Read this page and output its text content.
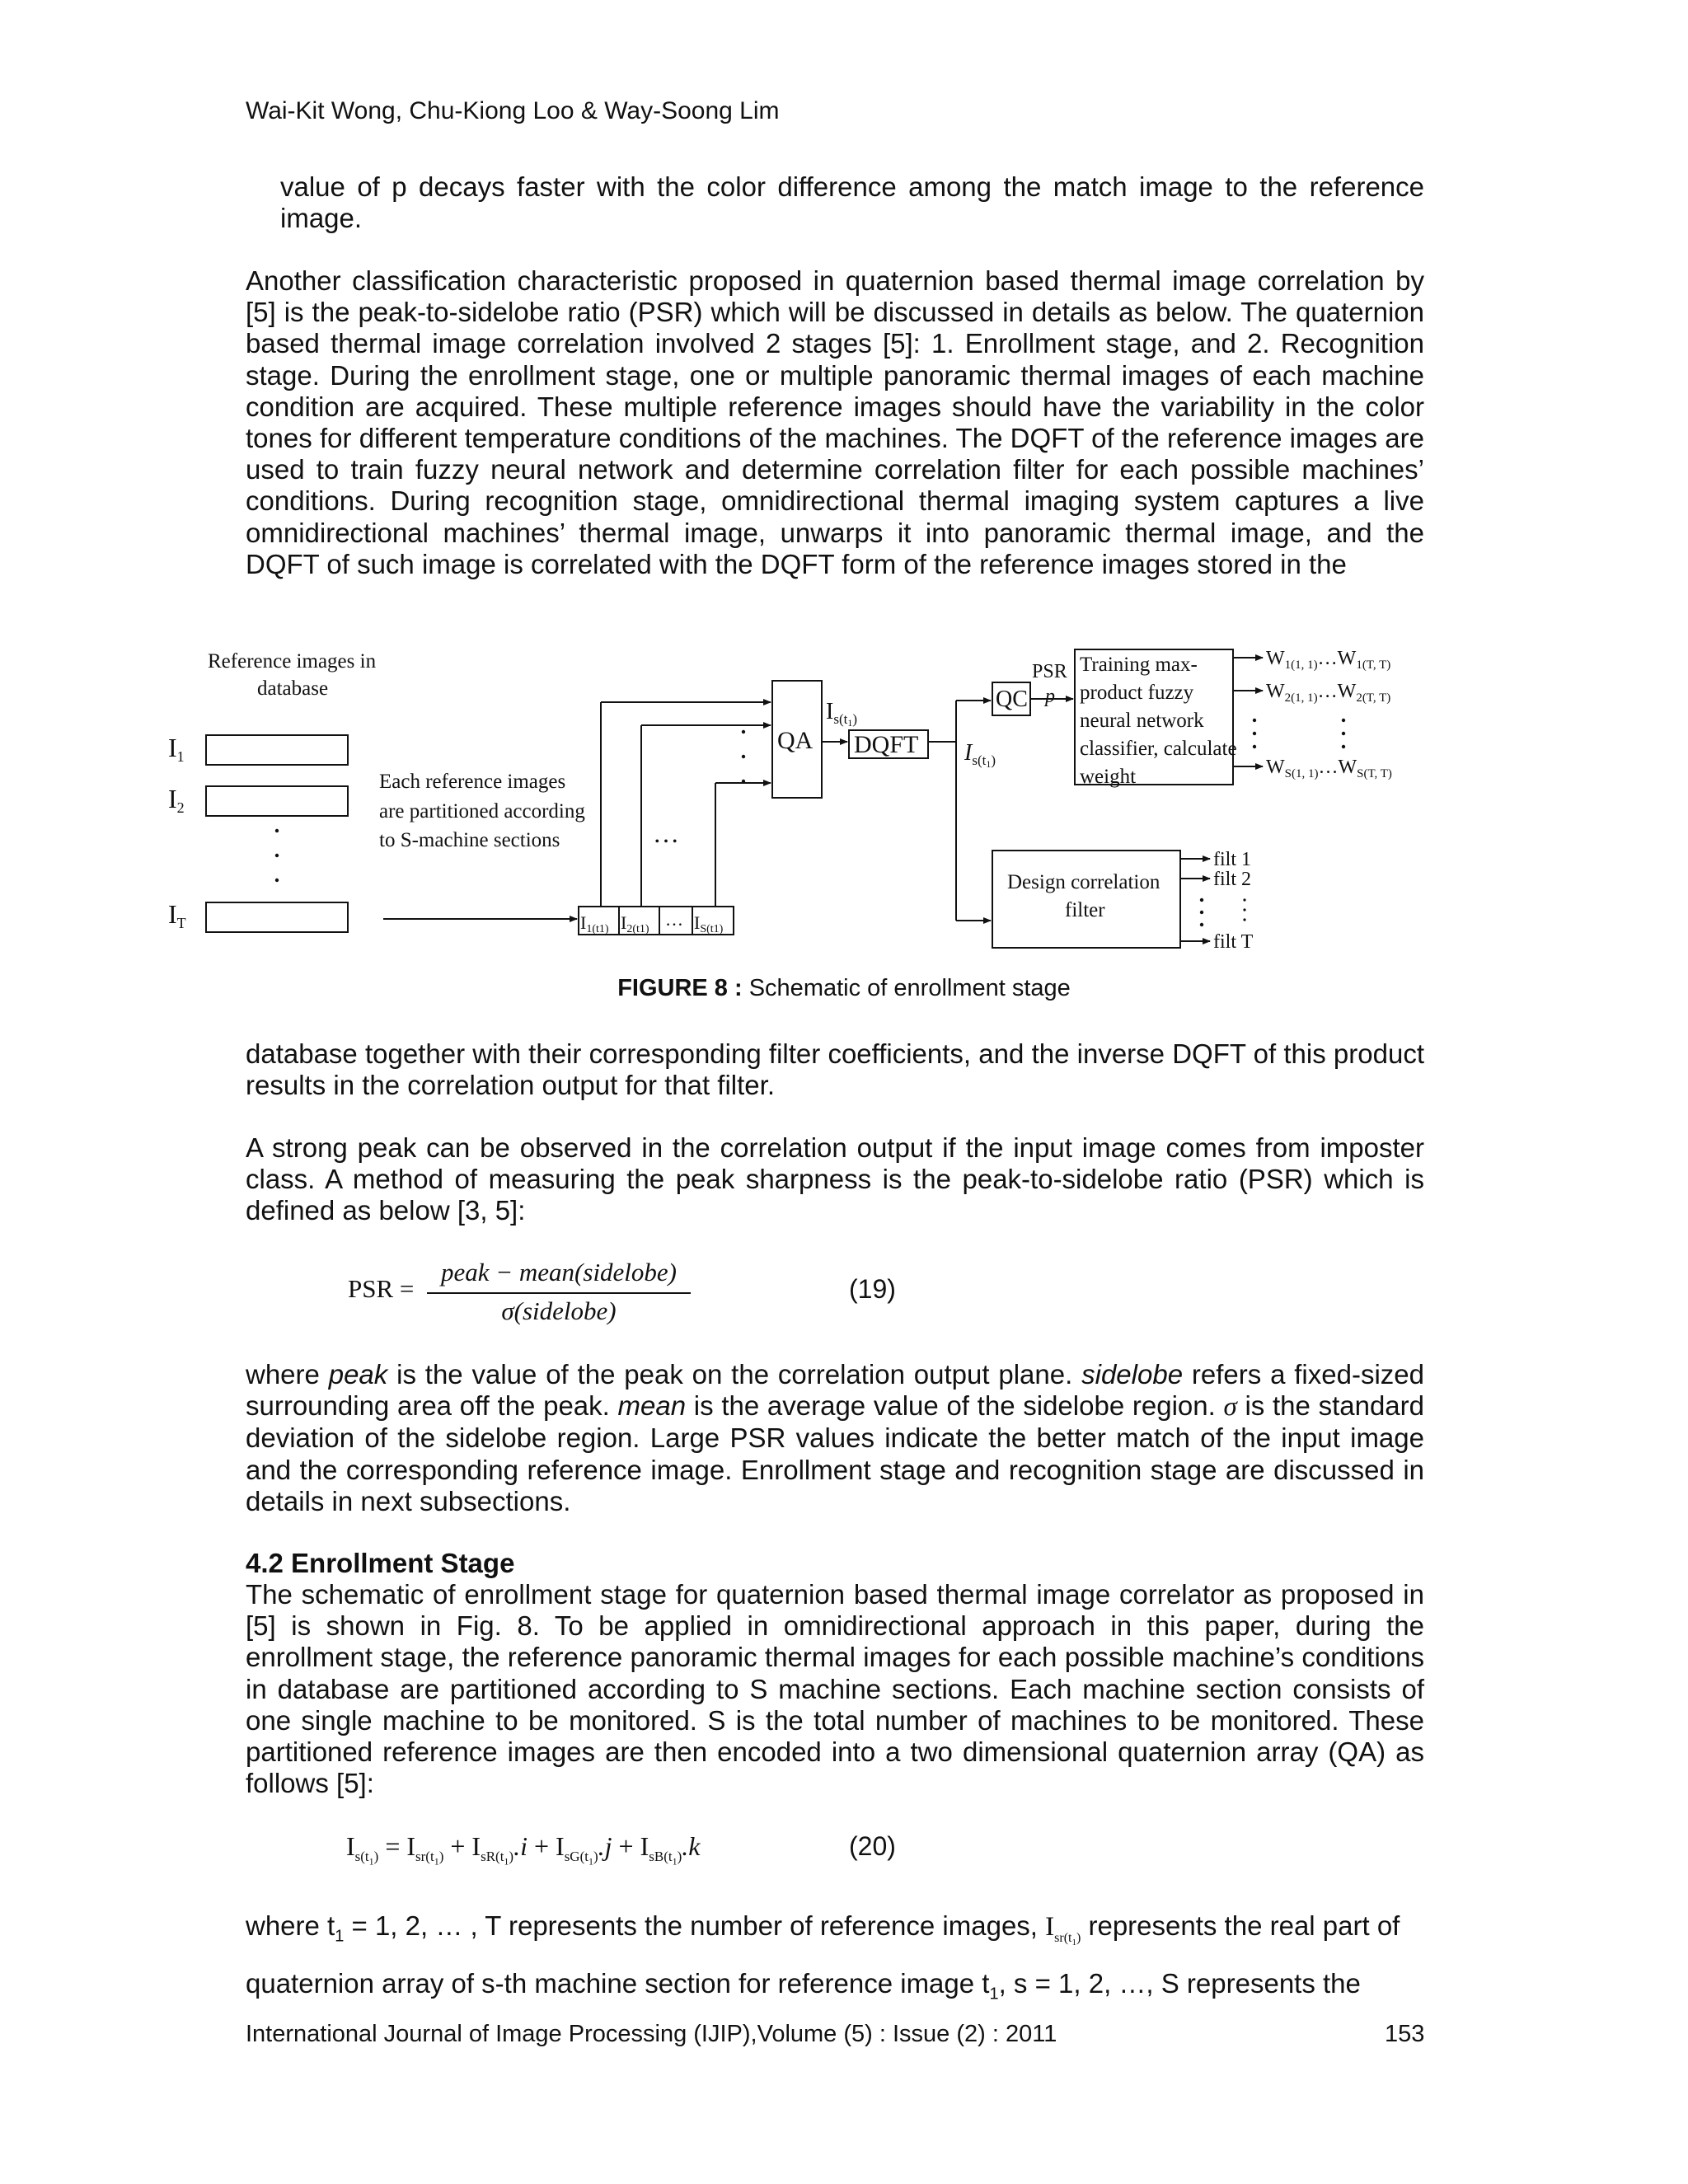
Wai-Kit Wong, Chu-Kiong Loo & Way-Soong Lim
value of p decays faster with the color difference among the match image to the reference image.
Another classification characteristic proposed in quaternion based thermal image correlation by [5] is the peak-to-sidelobe ratio (PSR) which will be discussed in details as below. The quaternion based thermal image correlation involved 2 stages [5]: 1. Enrollment stage, and 2. Recognition stage. During the enrollment stage, one or multiple panoramic thermal images of each machine condition are acquired. These multiple reference images should have the variability in the color tones for different temperature conditions of the machines. The DQFT of the reference images are used to train fuzzy neural network and determine correlation filter for each possible machines’ conditions. During recognition stage, omnidirectional thermal imaging system captures a live omnidirectional machines’ thermal image, unwarps it into panoramic thermal image, and the DQFT of such image is correlated with the DQFT form of the reference images stored in the
Reference images in
database
I1
I2
IT
Each reference images
are partitioned according
to S-machine sections	…
I1(t1) I2(t1) … IS(t1)
QA
$I_{s(t}1$)
DQFT $I_{s(t}1$)
QC
PSR
p
Training max-
product fuzzy
neural network
classifier, calculate
weight
Design correlation
filter
$W_{1(1, 1)}\dots W_{1(T, T)}$
$W_{2(1, 1)}\dots W_{2(T, T)}$
$W_{S(1, 1)}\dots W_{S(T, T)}$
filt 1
filt 2
filt T
FIGURE 8 : Schematic of enrollment stage
database together with their corresponding filter coefficients, and the inverse DQFT of this product results in the correlation output for that filter.
A strong peak can be observed in the correlation output if the input image comes from imposter class. A method of measuring the peak sharpness is the peak-to-sidelobe ratio (PSR) which is defined as below [3, 5]:
PSR =
peak − mean(sidelobe)
σ(sidelobe)
(19)
where peak is the value of the peak on the correlation output plane. sidelobe refers a fixed-sized surrounding area off the peak. mean is the average value of the sidelobe region. σ is the standard deviation of the sidelobe region. Large PSR values indicate the better match of the input image and the corresponding reference image. Enrollment stage and recognition stage are discussed in details in next subsections.
4.2 Enrollment Stage
The schematic of enrollment stage for quaternion based thermal image correlator as proposed in [5] is shown in Fig. 8. To be applied in omnidirectional approach in this paper, during the enrollment stage, the reference panoramic thermal images for each possible machine’s conditions in database are partitioned according to S machine sections. Each machine section consists of one single machine to be monitored. S is the total number of machines to be monitored. These partitioned reference images are then encoded into a two dimensional quaternion array (QA) as follows [5]:
$I_{s(t_1)} = I_{sr(t_1)} + I_{sR(t_1)}.i + I_{sG(t_1)}.j + I_{sB(t_1)}.k$	(20)
where $t_1 = 1$, 2, … , T represents the number of reference images, $I_{sr(t_1)}$ represents the real part of
quaternion array of s-th machine section for reference image $t_1$, s = 1, 2, …, S represents the
International Journal of Image Processing (IJIP),Volume (5) : Issue (2) : 2011	153
